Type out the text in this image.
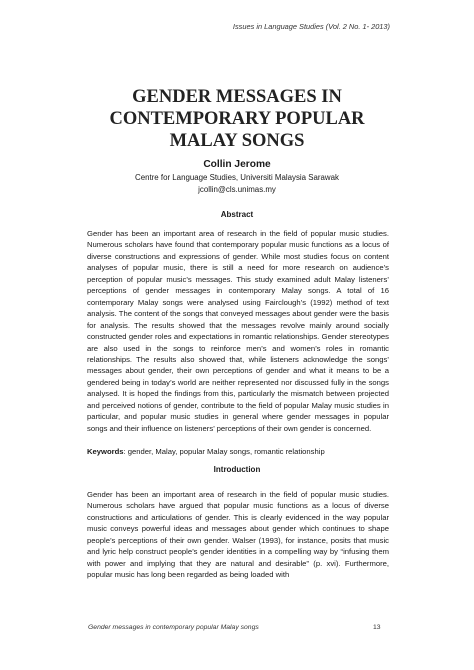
Issues in Language Studies (Vol. 2 No. 1- 2013)
GENDER MESSAGES IN
CONTEMPORARY POPULAR
MALAY SONGS
Collin Jerome
Centre for Language Studies, Universiti Malaysia Sarawak
jcollin@cls.unimas.my
Abstract

Gender has been an important area of research in the field of popular music studies. Numerous scholars have found that contemporary popular music functions as a locus of diverse constructions and expressions of gender. While most studies focus on content analyses of popular music, there is still a need for more research on audience’s perception of popular music’s messages. This study examined adult Malay listeners’ perceptions of gender messages in contemporary Malay songs. A total of 16 contemporary Malay songs were analysed using Fairclough’s (1992) method of text analysis. The content of the songs that conveyed messages about gender were the basis for analysis. The results showed that the messages revolve mainly around socially constructed gender roles and expectations in romantic relationships. Gender stereotypes are also used in the songs to reinforce men’s and women’s roles in romantic relationships. The results also showed that, while listeners acknowledge the songs’ messages about gender, their own perceptions of gender and what it means to be a gendered being in today’s world are neither represented nor discussed fully in the songs analysed. It is hoped the findings from this, particularly the mismatch between projected and perceived notions of gender, contribute to the field of popular Malay music studies in particular, and popular music studies in general where gender messages in popular songs and their influence on listeners’ perceptions of their own gender is concerned.

Keywords: gender, Malay, popular Malay songs, romantic relationship
Introduction

Gender has been an important area of research in the field of popular music studies. Numerous scholars have argued that popular music functions as a locus of diverse constructions and articulations of gender. This is clearly evidenced in the way popular music conveys powerful ideas and messages about gender which continues to shape people’s perceptions of their own gender. Walser (1993), for instance, posits that music and lyric help construct people’s gender identities in a compelling way by “infusing them with power and implying that they are natural and desirable” (p. xvi). Furthermore, popular music has long been regarded as being loaded with

Gender messages in contemporary popular Malay songs	13
